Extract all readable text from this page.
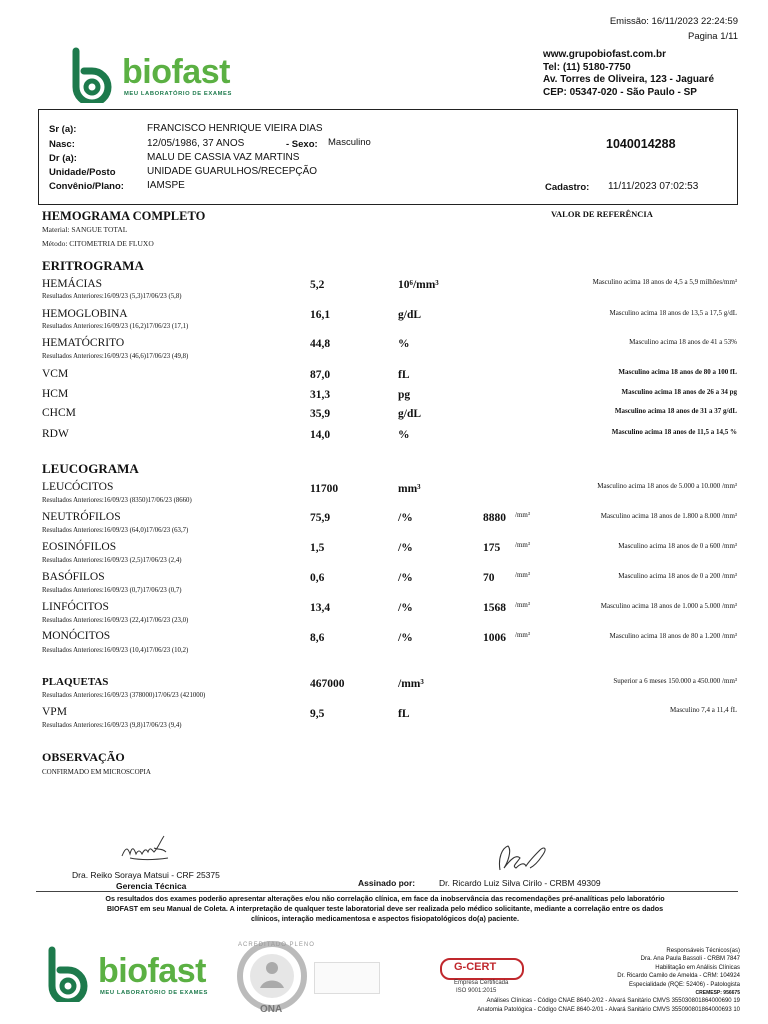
Emissão: 16/11/2023 22:24:59
Pagina 1/11
biofast
MEU LABORATÓRIO DE EXAMES
www.grupobiofast.com.br
Tel: (11) 5180-7750
Av. Torres de Oliveira, 123 - Jaguaré
CEP: 05347-020 - São Paulo - SP
Sr (a):	FRANCISCO HENRIQUE VIEIRA DIAS
Nasc:	12/05/1986, 37 ANOS	- Sexo: Masculino
Dr (a):	MALU DE CASSIA VAZ MARTINS
Unidade/Posto	UNIDADE GUARULHOS/RECEPÇÃO
Convênio/Plano: IAMSPE
1040014288
Cadastro: 11/11/2023 07:02:53
HEMOGRAMA COMPLETO
Material: SANGUE TOTAL
Método: CITOMETRIA DE FLUXO
VALOR DE REFERÊNCIA
ERITROGRAMA
HEMÁCIAS
Resultados Anteriores:16/09/23 (5,3)17/06/23 (5,8)
5,2	10⁶/mm³	Masculino acima 18 anos de 4,5 a 5,9 milhões/mm³
HEMOGLOBINA
Resultados Anteriores:16/09/23 (16,2)17/06/23 (17,1)
16,1	g/dL	Masculino acima 18 anos de 13,5 a 17,5 g/dL
HEMATÓCRITO
Resultados Anteriores:16/09/23 (46,6)17/06/23 (49,8)
44,8	%	Masculino acima 18 anos de 41 a 53%
VCM	87,0	fL	Masculino acima 18 anos de 80 a 100 fL
HCM	31,3	pg	Masculino acima 18 anos de 26 a 34 pg
CHCM	35,9	g/dL	Masculino acima 18 anos de 31 a 37 g/dL
RDW	14,0	%	Masculino acima 18 anos de 11,5 a 14,5 %
LEUCOGRAMA
LEUCÓCITOS
Resultados Anteriores:16/09/23 (8350)17/06/23 (8660)
11700	mm³	Masculino acima 18 anos de 5.000 a 10.000 /mm³
NEUTRÓFILOS
Resultados Anteriores:16/09/23 (64,0)17/06/23 (63,7)
75,9	/%	8880 /mm³	Masculino acima 18 anos de 1.800 a 8.000 /mm³
EOSINÓFILOS
Resultados Anteriores:16/09/23 (2,5)17/06/23 (2,4)
1,5	/%	175 /mm³	Masculino acima 18 anos de 0 a 600 /mm³
BASÓFILOS
Resultados Anteriores:16/09/23 (0,7)17/06/23 (0,7)
0,6	/%	70	/mm³	Masculino acima 18 anos de 0 a 200 /mm³
LINFÓCITOS
Resultados Anteriores:16/09/23 (22,4)17/06/23 (23,0)
13,4	/%	1568 /mm³	Masculino acima 18 anos de 1.000 a 5.000 /mm³
MONÓCITOS
Resultados Anteriores:16/09/23 (10,4)17/06/23 (10,2)
8,6	/%	1006 /mm³	Masculino acima 18 anos de 80 a 1.200 /mm³
PLAQUETAS
Resultados Anteriores:16/09/23 (378000)17/06/23 (421000)
467000	/mm³	Superior a 6 meses 150.000 a 450.000 /mm³
VPM
Resultados Anteriores:16/09/23 (9,8)17/06/23 (9,4)
9,5	fL	Masculino 7,4 a 11,4 fL
OBSERVAÇÃO
CONFIRMADO EM MICROSCOPIA
Dra. Reiko Soraya Matsui - CRF 25375
Gerencia Técnica	Assinado por:	Dr. Ricardo Luiz Silva Cirilo - CRBM 49309
Os resultados dos exames poderão apresentar alterações e/ou não correlação clínica, em face da inobservância das recomendações pré-analíticas pelo laboratório
BIOFAST em seu Manual de Coleta. A interpretação de qualquer teste laboratorial deve ser realizada pelo médico solicitante, mediante a correlação entre os dados
clínicos, interação medicamentosa e aspectos fisiopatológicos do(a) paciente.
biofast
MEU LABORATÓRIO DE EXAMES
ACREDITADO PLENO
ONA
G-CERT
Empresa Certificada
ISO 9001:2015
Responsáveis Técnicos(as)
Dra. Ana Paula Bassoli - CRBM 7847
Habilitação em Análisis Clínicas
Dr. Ricardo Camilo de Amelda - CRM: 104924
Especialidade (RQE: 52406) - Patologista
CREMESP: 956675
Análises Clínicas - Código CNAE 8640-2/02 - Alvará Sanitário CMVS 355030801864000690 19
Anatomia Patológica - Código CNAE 8640-2/01 - Alvará Sanitário CMVS 355090801864000693 10
